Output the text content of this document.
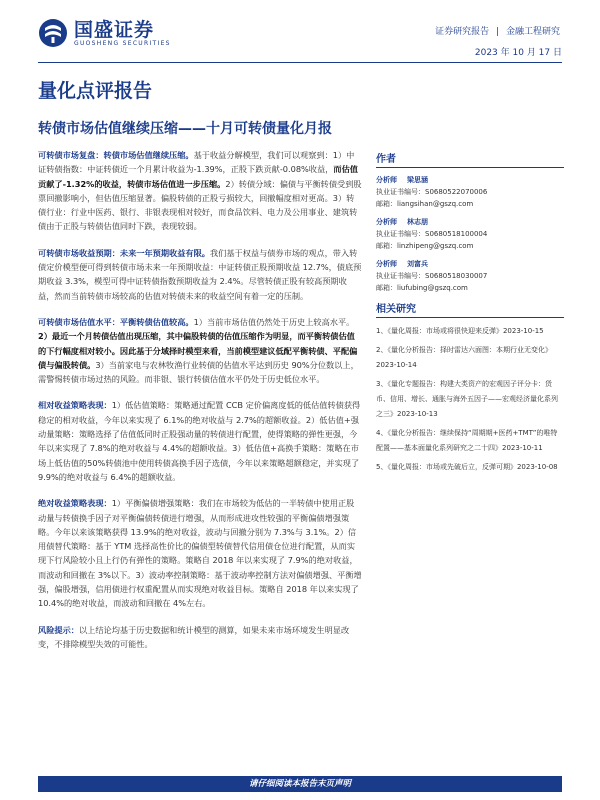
国盛证券
GUOSHENG SECURITIES
证券研究报告 | 金融工程研究
2023 年 10 月 17 日
量化点评报告
转债市场估值继续压缩——十月可转债量化月报

可转债市场复盘：转债市场估值继续压缩。基于收益分解模型，我们可以观察到：1）中证转债指数：中证转债近一个月累计收益为-1.39%，正股下跌贡献-0.08%收益，而估值贡献了-1.32%的收益，转债市场估值进一步压缩。2）转债分域：偏债与平衡转债受到股票回撤影响小，但估值压缩显著。偏股转债的正股亏损较大，回撤幅度相对更高。3）转债行业：行业中医药、银行、非银表现相对较好，而食品饮料、电力及公用事业、建筑转债由于正股与转债估值同时下跌，表现较弱。

可转债市场收益预期：未来一年预期收益有限。我们基于权益与债券市场的观点，带入转债定价模型便可得到转债市场未来一年预期收益：中证转债正股预期收益 12.7%，债底预期收益 3.3%，模型可得中证转债指数预期收益为 2.4%。尽管转债正股有较高预期收益，然而当前转债市场较高的估值对转债未来的收益空间有着一定的压制。

可转债市场估值水平：平衡转债估值较高。1）当前市场估值仍然处于历史上较高水平。2）最近一个月转债估值出现压缩，其中偏股转债的估值压缩作为明显，而平衡转债估值的下行幅度相对较小。因此基于分域择时模型来看，当前模型建议低配平衡转债、平配偏债与偏股转债。3）当前家电与农林牧渔行业转债的估值水平达到历史 90%分位数以上，需警惕转债市场过热的风险。而非银、银行转债估值水平仍处于历史低位水平。

相对收益策略表现：1）低估值策略：策略通过配置 CCB 定价偏离度低的低估值转债获得稳定的相对收益，今年以来实现了 6.1%的绝对收益与 2.7%的超额收益。2）低估值+强动量策略：策略选择了估值低同时正股强动量的转债进行配置，使得策略的弹性更强，今年以来实现了 7.8%的绝对收益与 4.4%的超额收益。3）低估值+高换手策略：策略在市场上低估值的50%转债池中使用转债高换手因子选债，今年以来策略超额稳定，并实现了 9.9%的绝对收益与 6.4%的超额收益。

绝对收益策略表现：1）平衡偏债增强策略：我们在市场较为低估的一半转债中使用正股动量与转债换手因子对平衡偏债转债进行增强，从而形成进攻性较强的平衡偏债增强策略。今年以来该策略获得 13.9%的绝对收益，波动与回撤分别为 7.3%与 3.1%。2）信用债替代策略：基于 YTM 选择高性价比的偏债型转债替代信用债仓位进行配置，从而实现下行风险较小且上行仍有弹性的策略。策略自 2018 年以来实现了 7.9%的绝对收益，而波动和回撤在 3%以下。3）波动率控制策略：基于波动率控制方法对偏债增强、平衡增强，偏股增强，信用债进行权重配置从而实现绝对收益目标。策略自 2018 年以来实现了 10.4%的绝对收益，而波动和回撤在 4%左右。

风险提示：以上结论均基于历史数据和统计模型的测算，如果未来市场环境发生明显改变，不排除模型失效的可能性。

作者
分析师 梁思涵
执业证书编号：S0680522070006
邮箱：liangsihan@gszq.com
分析师 林志朋
执业证书编号：S0680518100004
邮箱：linzhipeng@gszq.com
分析师 刘富兵
执业证书编号：S0680518030007
邮箱：liufubing@gszq.com
相关研究
1、《量化周报：市场或将很快迎来反弹》2023-10-15
2、《量化分析报告：择时雷达六面图：本期行业无变化》2023-10-14
3、《量化专题报告：构建大类资产的宏观因子评分卡：货币、信用、增长、通胀与海外五因子——宏观经济量化系列之三》2023-10-13
4、《量化分析报告：继续保持“周期期+医药+TMT”的唯特配置——基本面量化系列研究之二十四》2023-10-11
5、《量化周报：市场或先破后立，反弹可期》2023-10-08
请仔细阅读本报告末页声明
